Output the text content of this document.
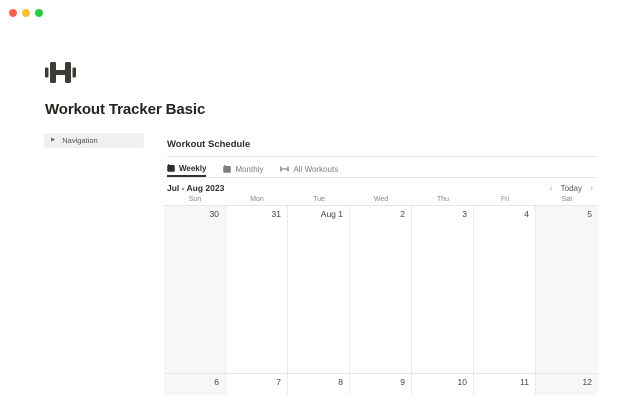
Workout Tracker Basic
▶ Navigation	Workout Schedule
Weekly	Monthly	All Workouts
Jul - Aug 2023	‹ Today ›
Sun	Mon	Tue	Wed	Thu	Fri	Sat
30	31	Aug 1	2	3	4	5
6	7	8	9	10	11	12
